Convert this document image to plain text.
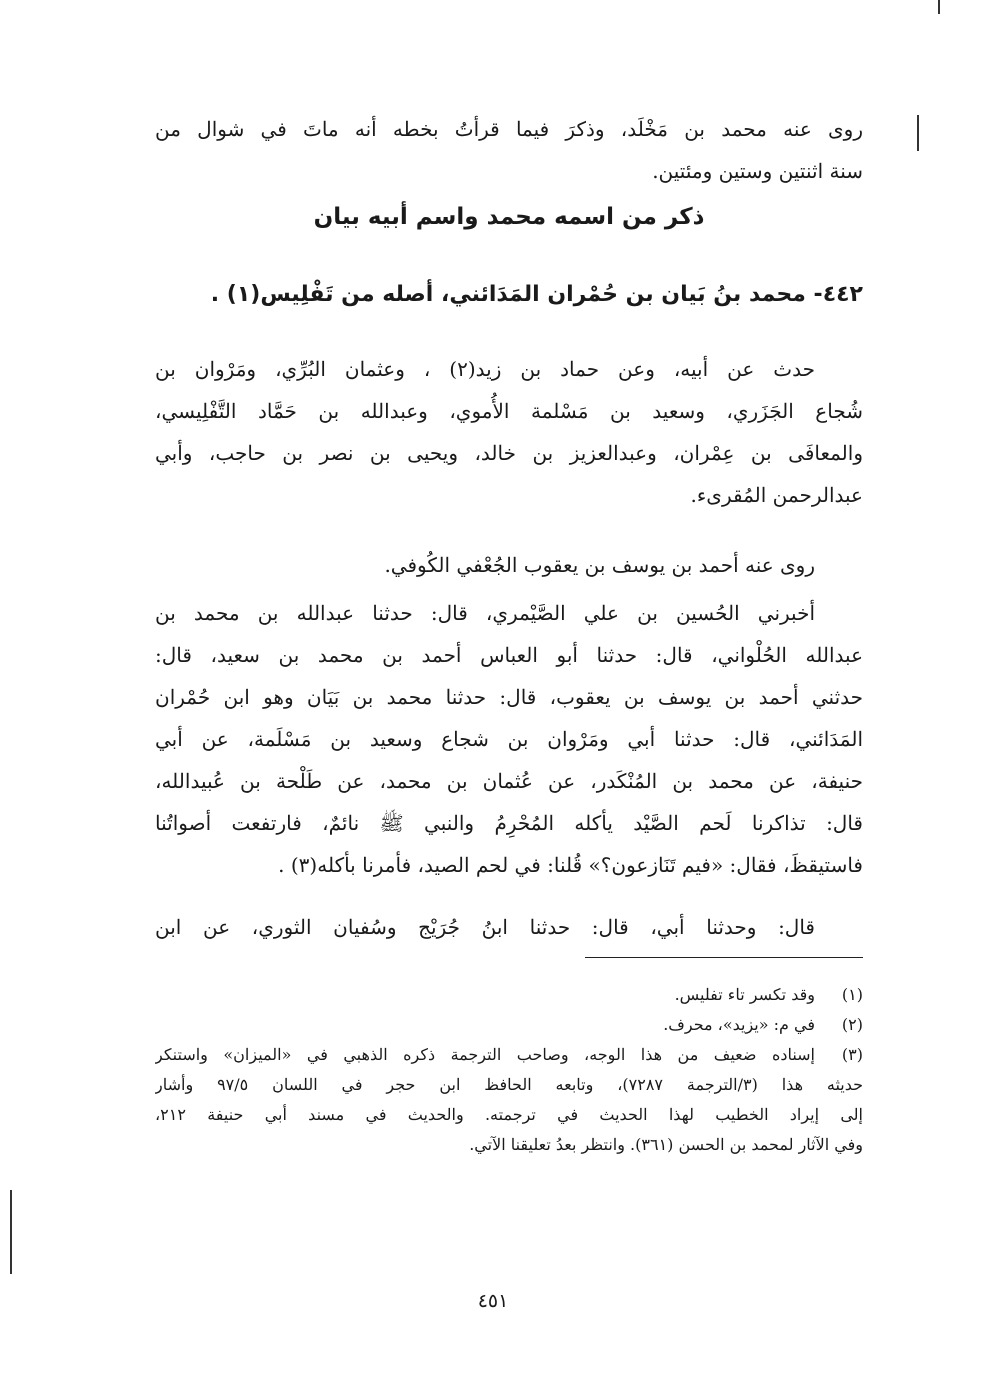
روى عنه محمد بن مَخْلَد، وذكرَ فيما قرأتُ بخطه أنه ماتَ في شوال من
سنة اثنتين وستين ومئتين.
ذكر من اسمه محمد واسم أبيه بيان
٤٤٢- محمد بنُ بَيان بن حُمْران المَدَائني، أصله من تَفْلِيس(١) .
حدث عن أبيه، وعن حماد بن زيد(٢) ، وعثمان البُرِّي، ومَرْوان بن
شُجاع الجَزَري، وسعيد بن مَسْلمة الأُموي، وعبدالله بن حَمَّاد التَّفْلِيسي،
والمعافَى بن عِمْران، وعبدالعزيز بن خالد، ويحيى بن نصر بن حاجب، وأبي
عبدالرحمن المُقرىء.
روى عنه أحمد بن يوسف بن يعقوب الجُعْفي الكُوفي.
أخبرني الحُسين بن علي الصَّيْمري، قال: حدثنا عبدالله بن محمد بن
عبدالله الحُلْواني، قال: حدثنا أبو العباس أحمد بن محمد بن سعيد، قال:
حدثني أحمد بن يوسف بن يعقوب، قال: حدثنا محمد بن بَيَان وهو ابن حُمْران
المَدَائني، قال: حدثنا أبي ومَرْوان بن شجاع وسعيد بن مَسْلَمة، عن أبي
حنيفة، عن محمد بن المُنْكَدر، عن عُثمان بن محمد، عن طَلْحة بن عُبيدالله،
قال: تذاكرنا لَحم الصَّيْد يأكله المُحْرِمُ والنبي ﷺ نائمٌ، فارتفعت أصواتُنا
فاستيقظَ، فقال: «فيم تَنَازعون؟» قُلنا: في لحم الصيد، فأمرنا بأكله(٣) .
قال: وحدثنا أبي، قال: حدثنا ابنُ جُرَيْج وسُفيان الثوري، عن ابن
(١)
وقد تكسر تاء تفليس.
(٢)
في م: «يزيد»، محرف.
(٣)
إسناده ضعيف من هذا الوجه، وصاحب الترجمة ذكره الذهبي في «الميزان» واستنكر
حديثه هذا (٣/الترجمة ٧٢٨٧)، وتابعه الحافظ ابن حجر في اللسان ٩٧/٥ وأشار
إلى إيراد الخطيب لهذا الحديث في ترجمته. والحديث في مسند أبي حنيفة ٢١٢،
وفي الآثار لمحمد بن الحسن (٣٦١). وانتظر بعدُ تعليقنا الآتي.
٤٥١
